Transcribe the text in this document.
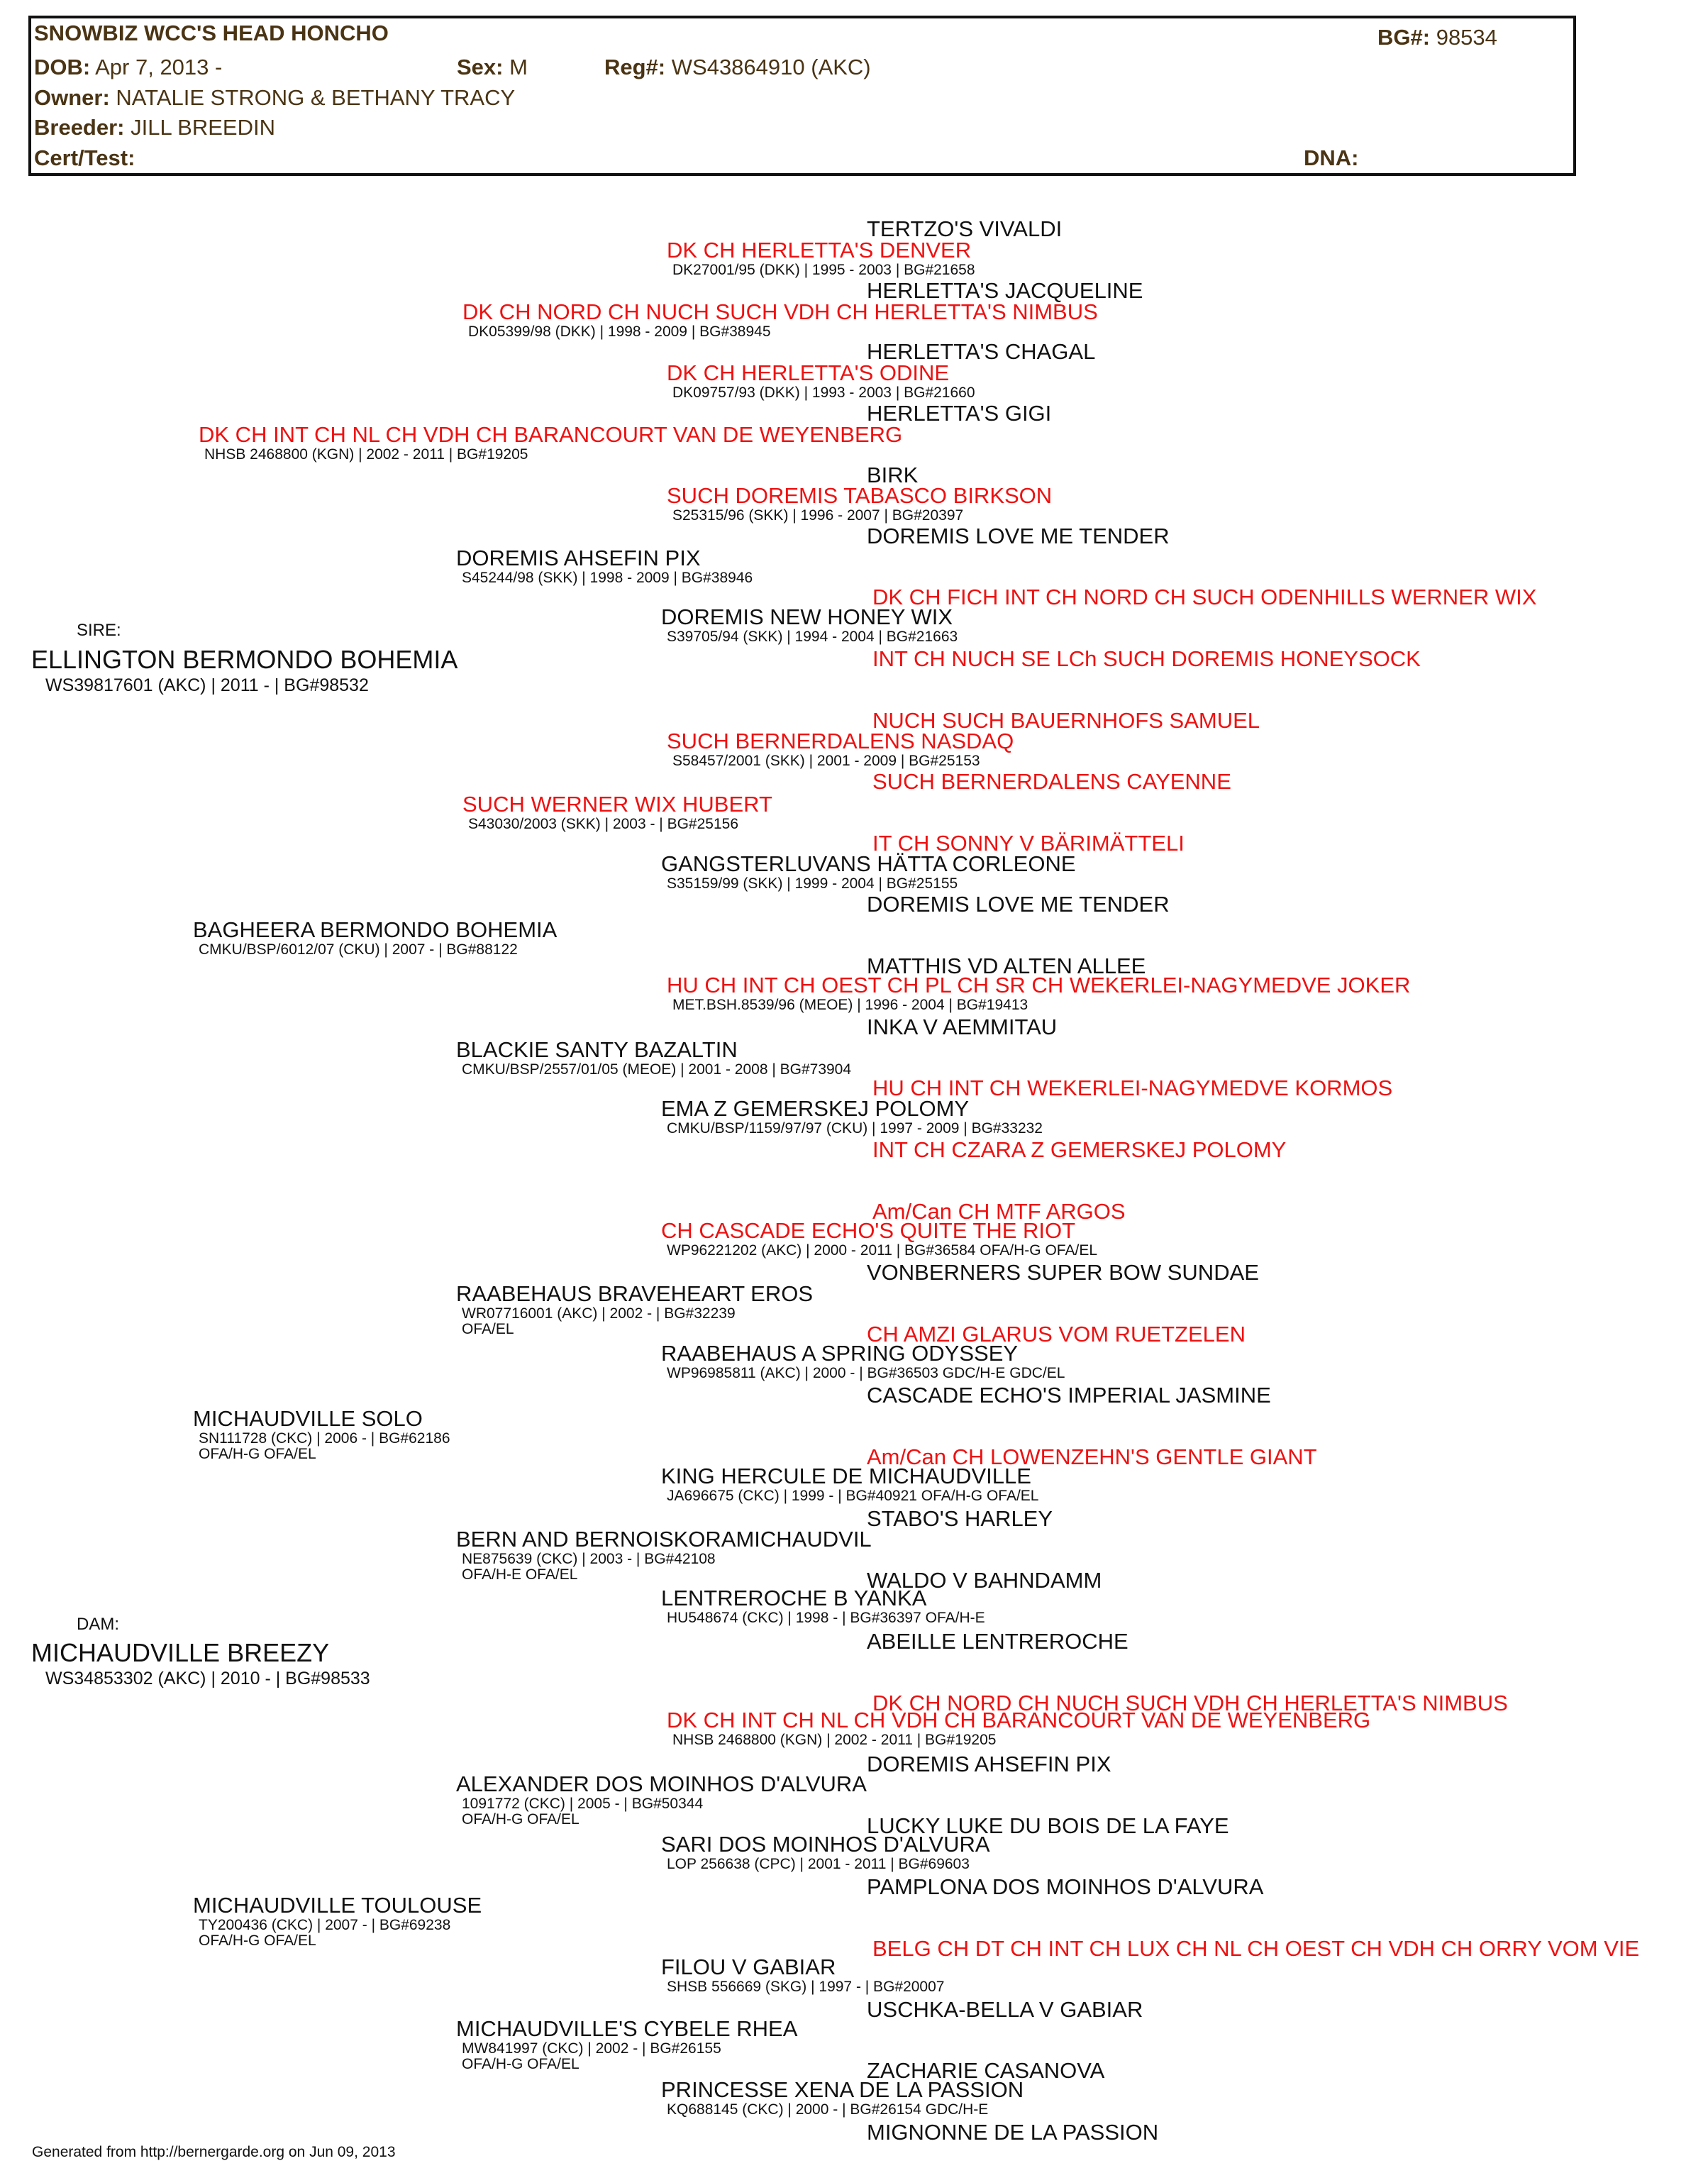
SNOWBIZ WCC'S HEAD HONCHO	BG#: 98534
DOB: Apr 7, 2013 -	Sex: M	Reg#: WS43864910 (AKC)
Owner: NATALIE STRONG & BETHANY TRACY
Breeder: JILL BREEDIN
Cert/Test:	DNA:
SIRE:
ELLINGTON BERMONDO BOHEMIA
WS39817601 (AKC) | 2011 - | BG#98532
DAM:
MICHAUDVILLE BREEZY
WS34853302 (AKC) | 2010 - | BG#98533
DK CH INT CH NL CH VDH CH BARANCOURT VAN DE WEYENBERG
NHSB 2468800 (KGN) | 2002 - 2011 | BG#19205
BAGHEERA BERMONDO BOHEMIA
CMKU/BSP/6012/07 (CKU) | 2007 - | BG#88122
MICHAUDVILLE SOLO
SN111728 (CKC) | 2006 - | BG#62186
OFA/H-G OFA/EL
MICHAUDVILLE TOULOUSE
TY200436 (CKC) | 2007 - | BG#69238
OFA/H-G OFA/EL
DK CH NORD CH NUCH SUCH VDH CH HERLETTA'S NIMBUS
DK05399/98 (DKK) | 1998 - 2009 | BG#38945
DOREMIS AHSEFIN PIX
S45244/98 (SKK) | 1998 - 2009 | BG#38946
SUCH WERNER WIX HUBERT
S43030/2003 (SKK) | 2003 - | BG#25156
BLACKIE SANTY BAZALTIN
CMKU/BSP/2557/01/05 (MEOE) | 2001 - 2008 | BG#73904
RAABEHAUS BRAVEHEART EROS
WR07716001 (AKC) | 2002 - | BG#32239
OFA/EL
BERN AND BERNOISKORAMICHAUDVIL
NE875639 (CKC) | 2003 - | BG#42108
OFA/H-E OFA/EL
ALEXANDER DOS MOINHOS D'ALVURA
1091772 (CKC) | 2005 - | BG#50344
OFA/H-G OFA/EL
MICHAUDVILLE'S CYBELE RHEA
MW841997 (CKC) | 2002 - | BG#26155
OFA/H-G OFA/EL
DK CH HERLETTA'S DENVER
DK27001/95 (DKK) | 1995 - 2003 | BG#21658
DK CH HERLETTA'S ODINE
DK09757/93 (DKK) | 1993 - 2003 | BG#21660
SUCH DOREMIS TABASCO BIRKSON
S25315/96 (SKK) | 1996 - 2007 | BG#20397
DOREMIS NEW HONEY WIX
S39705/94 (SKK) | 1994 - 2004 | BG#21663
SUCH BERNERDALENS NASDAQ
S58457/2001 (SKK) | 2001 - 2009 | BG#25153
GANGSTERLUVANS HÄTTA CORLEONE
S35159/99 (SKK) | 1999 - 2004 | BG#25155
HU CH INT CH OEST CH PL CH SR CH WEKERLEI-NAGYMEDVE JOKER
MET.BSH.8539/96 (MEOE) | 1996 - 2004 | BG#19413
EMA Z GEMERSKEJ POLOMY
CMKU/BSP/1159/97/97 (CKU) | 1997 - 2009 | BG#33232
CH CASCADE ECHO'S QUITE THE RIOT
WP96221202 (AKC) | 2000 - 2011 | BG#36584 OFA/H-G OFA/EL
RAABEHAUS A SPRING ODYSSEY
WP96985811 (AKC) | 2000 - | BG#36503 GDC/H-E GDC/EL
KING HERCULE DE MICHAUDVILLE
JA696675 (CKC) | 1999 - | BG#40921 OFA/H-G OFA/EL
LENTREROCHE B YANKA
HU548674 (CKC) | 1998 - | BG#36397 OFA/H-E
DK CH INT CH NL CH VDH CH BARANCOURT VAN DE WEYENBERG
NHSB 2468800 (KGN) | 2002 - 2011 | BG#19205
SARI DOS MOINHOS D'ALVURA
LOP 256638 (CPC) | 2001 - 2011 | BG#69603
FILOU V GABIAR
SHSB 556669 (SKG) | 1997 - | BG#20007
PRINCESSE XENA DE LA PASSION
KQ688145 (CKC) | 2000 - | BG#26154 GDC/H-E
TERTZO'S VIVALDI
HERLETTA'S JACQUELINE
HERLETTA'S CHAGAL
HERLETTA'S GIGI
BIRK
DOREMIS LOVE ME TENDER
DK CH FICH INT CH NORD CH SUCH ODENHILLS WERNER WIX
INT CH NUCH SE LCh SUCH DOREMIS HONEYSOCK
NUCH SUCH BAUERNHOFS SAMUEL
SUCH BERNERDALENS CAYENNE
IT CH SONNY V BÄRIMÄTTELI
DOREMIS LOVE ME TENDER
MATTHIS VD ALTEN ALLEE
INKA V AEMMITAU
HU CH INT CH WEKERLEI-NAGYMEDVE KORMOS
INT CH CZARA Z GEMERSKEJ POLOMY
Am/Can CH MTF ARGOS
VONBERNERS SUPER BOW SUNDAE
CH AMZI GLARUS VOM RUETZELEN
CASCADE ECHO'S IMPERIAL JASMINE
Am/Can CH LOWENZEHN'S GENTLE GIANT
STABO'S HARLEY
WALDO V BAHNDAMM
ABEILLE LENTREROCHE
DK CH NORD CH NUCH SUCH VDH CH HERLETTA'S NIMBUS
DOREMIS AHSEFIN PIX
LUCKY LUKE DU BOIS DE LA FAYE
PAMPLONA DOS MOINHOS D'ALVURA
BELG CH DT CH INT CH LUX CH NL CH OEST CH VDH CH ORRY VOM VIE
USCHKA-BELLA V GABIAR
ZACHARIE CASANOVA
MIGNONNE DE LA PASSION
Generated from http://bernergarde.org on Jun 09, 2013
